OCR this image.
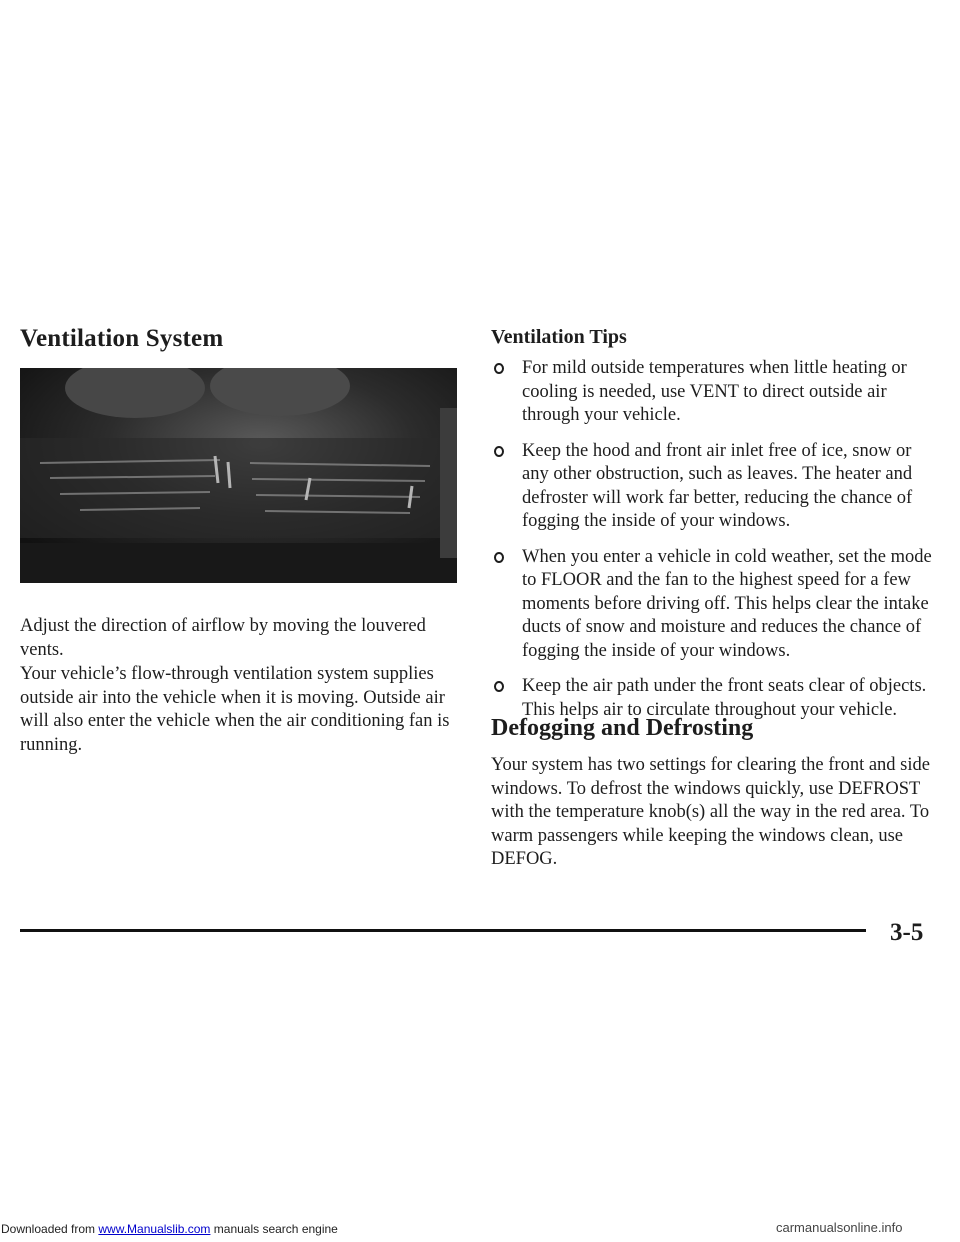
Ventilation System

Adjust the direction of airflow by moving the louvered vents.

Your vehicle’s flow-through ventilation system supplies outside air into the vehicle when it is moving. Outside air will also enter the vehicle when the air conditioning fan is running.

Ventilation Tips
For mild outside temperatures when little heating or cooling is needed, use VENT to direct outside air through your vehicle.
Keep the hood and front air inlet free of ice, snow or any other obstruction, such as leaves. The heater and defroster will work far better, reducing the chance of fogging the inside of your windows.
When you enter a vehicle in cold weather, set the mode to FLOOR and the fan to the highest speed for a few moments before driving off. This helps clear the intake ducts of snow and moisture and reduces the chance of fogging the inside of your windows.
Keep the air path under the front seats clear of objects. This helps air to circulate throughout your vehicle.
Defogging and Defrosting

Your system has two settings for clearing the front and side windows. To defrost the windows quickly, use DEFROST with the temperature knob(s) all the way in the red area. To warm passengers while keeping the windows clean, use DEFOG.

3-5
Downloaded from www.Manualslib.com manuals search engine	carmanualsonline.info
